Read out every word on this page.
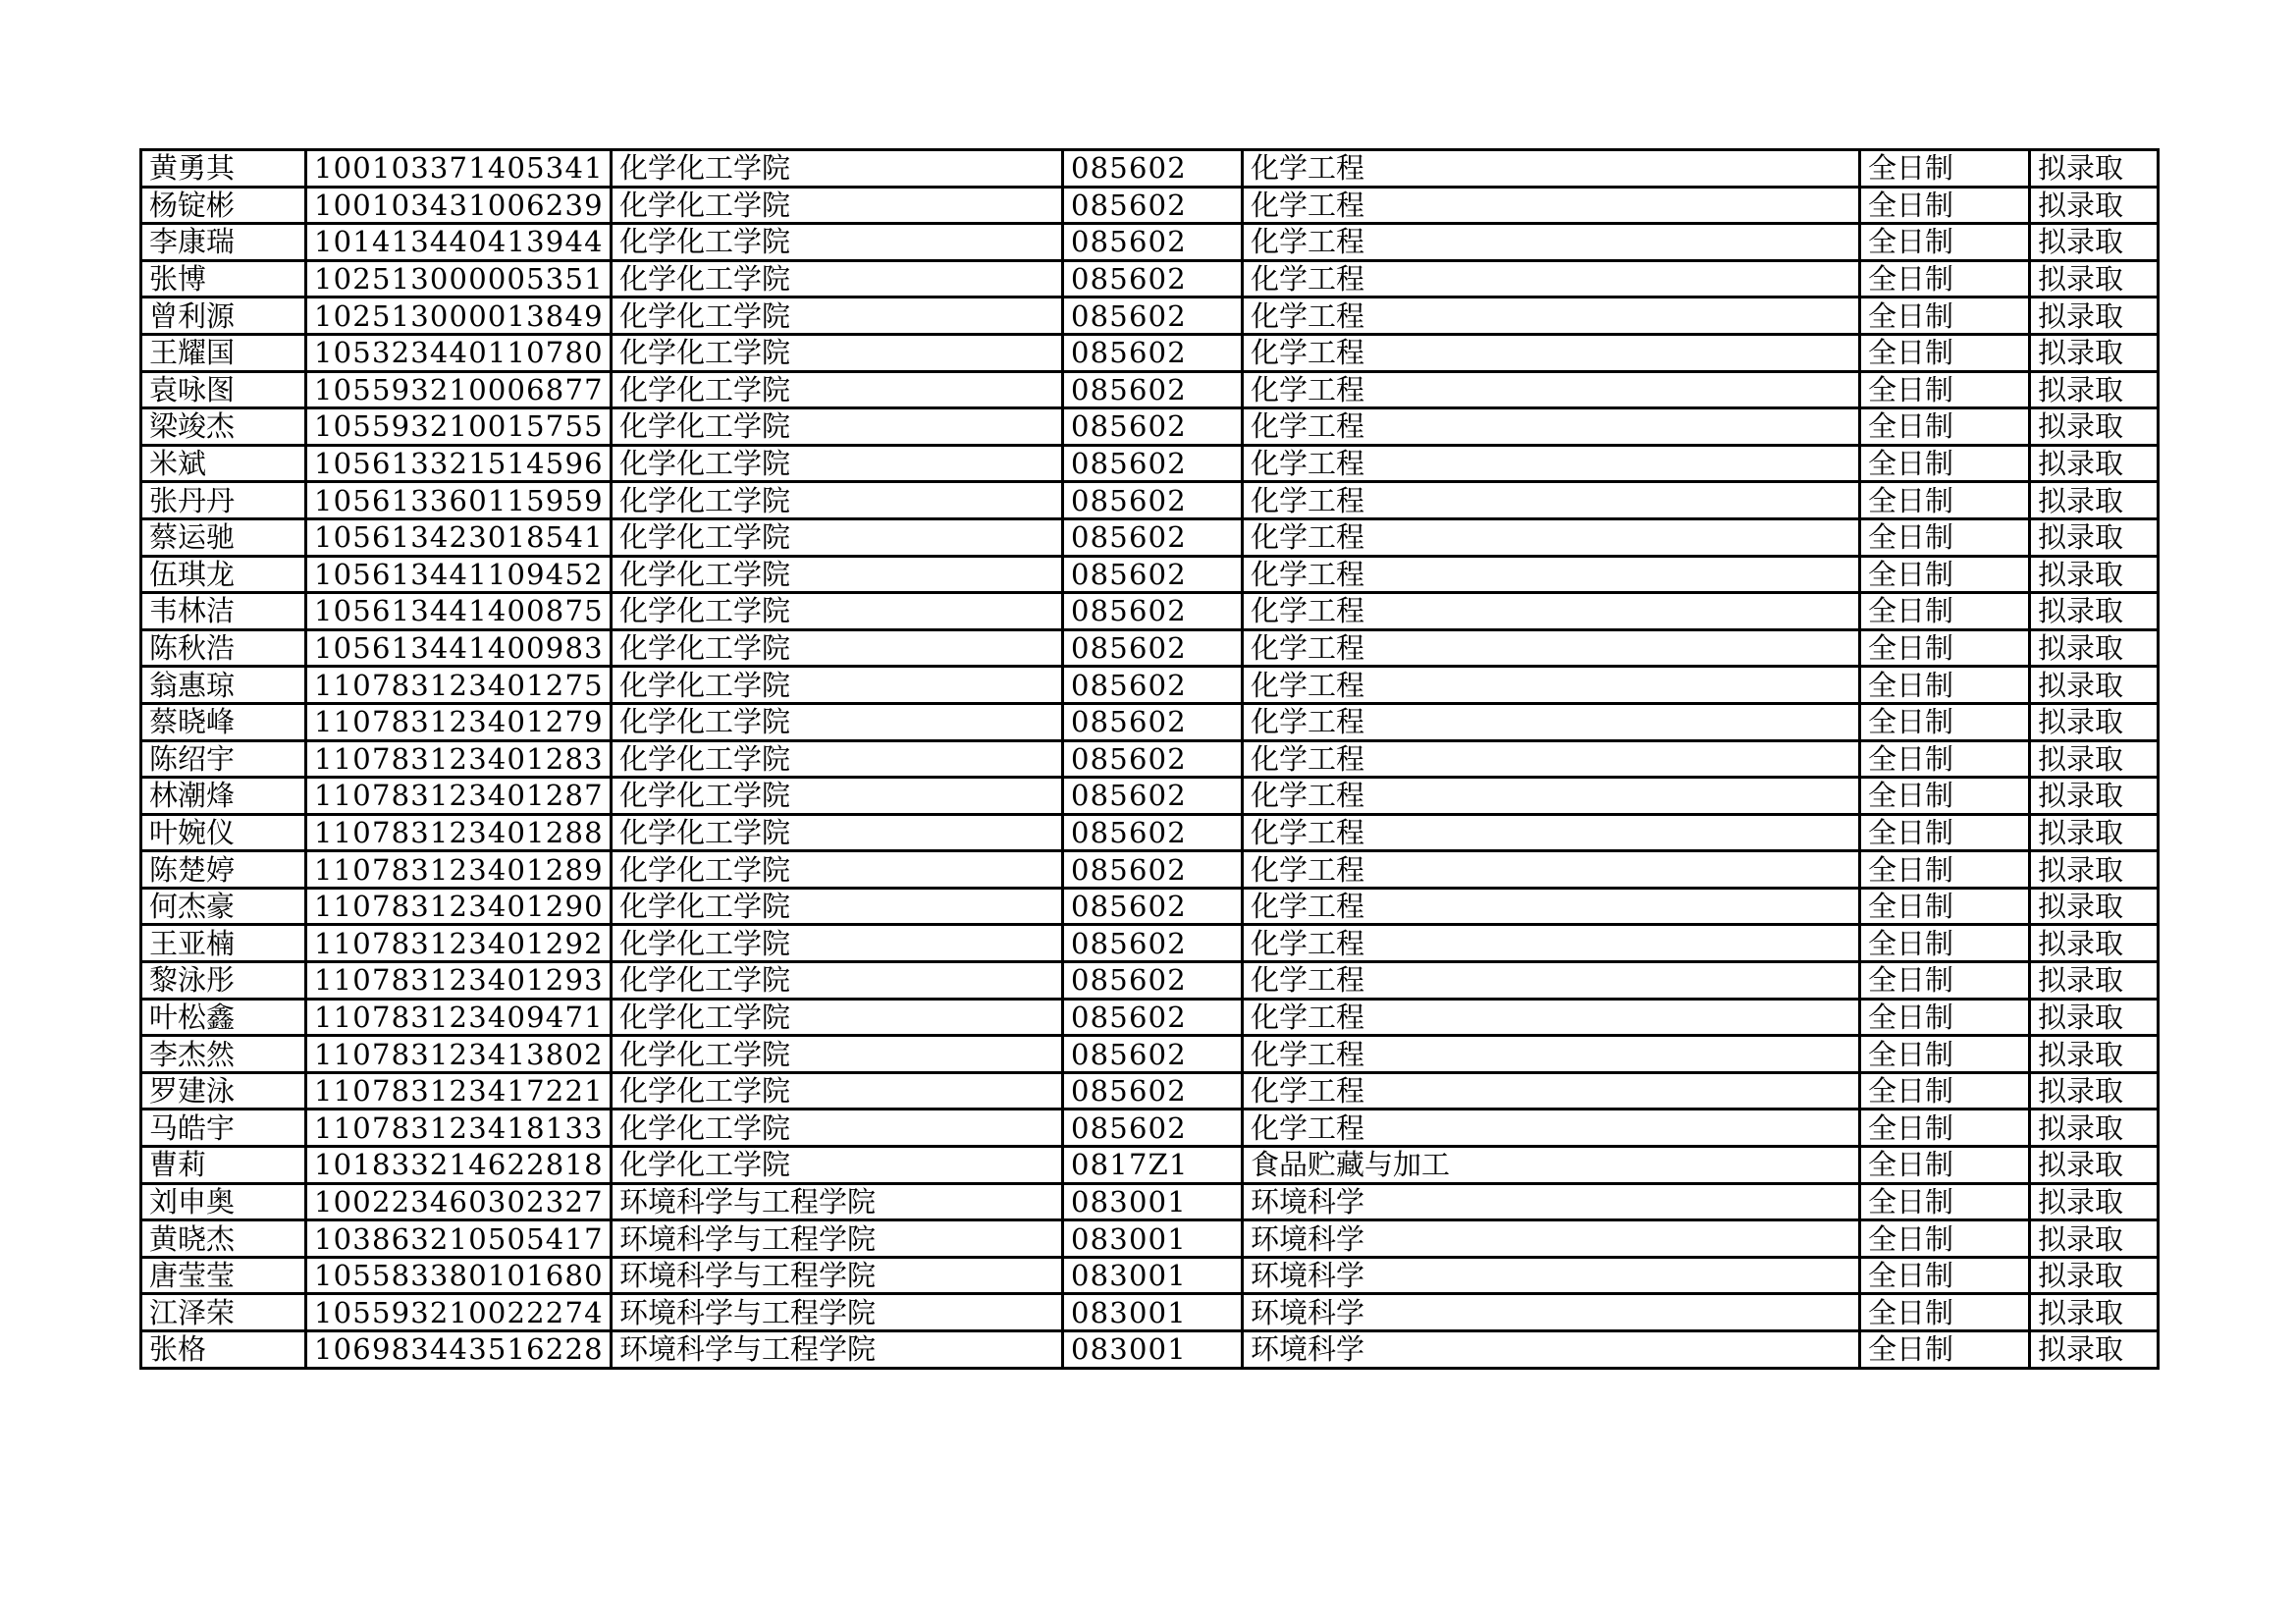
黄勇其	100103371405341	化学化工学院	085602	化学工程	全日制	拟录取
杨锭彬	100103431006239	化学化工学院	085602	化学工程	全日制	拟录取
李康瑞	101413440413944	化学化工学院	085602	化学工程	全日制	拟录取
张博	102513000005351	化学化工学院	085602	化学工程	全日制	拟录取
曾利源	102513000013849	化学化工学院	085602	化学工程	全日制	拟录取
王耀国	105323440110780	化学化工学院	085602	化学工程	全日制	拟录取
袁咏图	105593210006877	化学化工学院	085602	化学工程	全日制	拟录取
梁竣杰	105593210015755	化学化工学院	085602	化学工程	全日制	拟录取
米斌	105613321514596	化学化工学院	085602	化学工程	全日制	拟录取
张丹丹	105613360115959	化学化工学院	085602	化学工程	全日制	拟录取
蔡运驰	105613423018541	化学化工学院	085602	化学工程	全日制	拟录取
伍琪龙	105613441109452	化学化工学院	085602	化学工程	全日制	拟录取
韦林洁	105613441400875	化学化工学院	085602	化学工程	全日制	拟录取
陈秋浩	105613441400983	化学化工学院	085602	化学工程	全日制	拟录取
翁惠琼	110783123401275	化学化工学院	085602	化学工程	全日制	拟录取
蔡晓峰	110783123401279	化学化工学院	085602	化学工程	全日制	拟录取
陈绍宇	110783123401283	化学化工学院	085602	化学工程	全日制	拟录取
林潮烽	110783123401287	化学化工学院	085602	化学工程	全日制	拟录取
叶婉仪	110783123401288	化学化工学院	085602	化学工程	全日制	拟录取
陈楚婷	110783123401289	化学化工学院	085602	化学工程	全日制	拟录取
何杰豪	110783123401290	化学化工学院	085602	化学工程	全日制	拟录取
王亚楠	110783123401292	化学化工学院	085602	化学工程	全日制	拟录取
黎泳彤	110783123401293	化学化工学院	085602	化学工程	全日制	拟录取
叶松鑫	110783123409471	化学化工学院	085602	化学工程	全日制	拟录取
李杰然	110783123413802	化学化工学院	085602	化学工程	全日制	拟录取
罗建泳	110783123417221	化学化工学院	085602	化学工程	全日制	拟录取
马皓宇	110783123418133	化学化工学院	085602	化学工程	全日制	拟录取
曹莉	101833214622818	化学化工学院	0817Z1	食品贮藏与加工	全日制	拟录取
刘申奥	100223460302327	环境科学与工程学院	083001	环境科学	全日制	拟录取
黄晓杰	103863210505417	环境科学与工程学院	083001	环境科学	全日制	拟录取
唐莹莹	105583380101680	环境科学与工程学院	083001	环境科学	全日制	拟录取
江泽荣	105593210022274	环境科学与工程学院	083001	环境科学	全日制	拟录取
张格	106983443516228	环境科学与工程学院	083001	环境科学	全日制	拟录取
